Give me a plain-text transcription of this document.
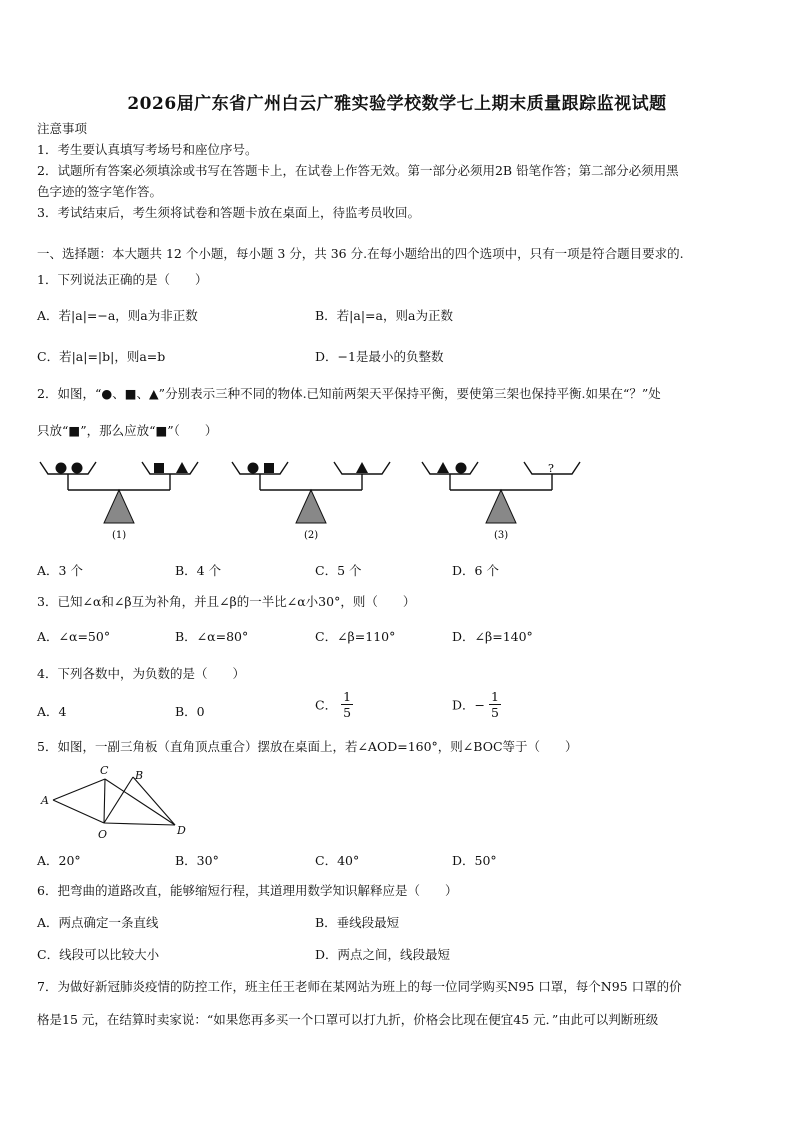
2026届广东省广州白云广雅实验学校数学七上期末质量跟踪监视试题
注意事项
1．考生要认真填写考场号和座位序号。
2．试题所有答案必须填涂或书写在答题卡上，在试卷上作答无效。第一部分必须用2B 铅笔作答；第二部分必须用黑
色字迹的签字笔作答。
3．考试结束后，考生须将试卷和答题卡放在桌面上，待监考员收回。
一、选择题：本大题共 12 个小题，每小题 3 分，共 36 分.在每小题给出的四个选项中，只有一项是符合题目要求的.
1．下列说法正确的是（　　）
A．若|a|=−a，则a为非正数	B．若|a|=a，则a为正数
C．若|a|=|b|，则a=b	D．−1是最小的负整数
2．如图，“●、■、▲”分别表示三种不同的物体.已知前两架天平保持平衡，要使第三架也保持平衡.如果在“？”处
只放“■”，那么应放“■”（　　）
?
(1)	(2)	(3)
A．3 个	B．4 个	C．5 个	D．6 个
3．已知∠α和∠β互为补角，并且∠β的一半比∠α小30°，则（　　）
A．∠α=50°	B．∠α=80°	C．∠β=110°	D．∠β=140°
4．下列各数中，为负数的是（　　）
A．4	B．0	C． $\frac{1}{5}$	D．− $\frac{1}{5}$
5．如图，一副三角板（直角顶点重合）摆放在桌面上，若∠AOD=160°，则∠BOC等于（　　）
A
C B
O	D
A．20°	B．30°	C．40°	D．50°
6．把弯曲的道路改直，能够缩短行程，其道理用数学知识解释应是（　　）
A．两点确定一条直线	B．垂线段最短
C．线段可以比较大小	D．两点之间，线段最短
7．为做好新冠肺炎疫情的防控工作，班主任王老师在某网站为班上的每一位同学购买N95 口罩，每个N95 口罩的价
格是15 元，在结算时卖家说：“如果您再多买一个口罩可以打九折，价格会比现在便宜45 元．”由此可以判断班级
